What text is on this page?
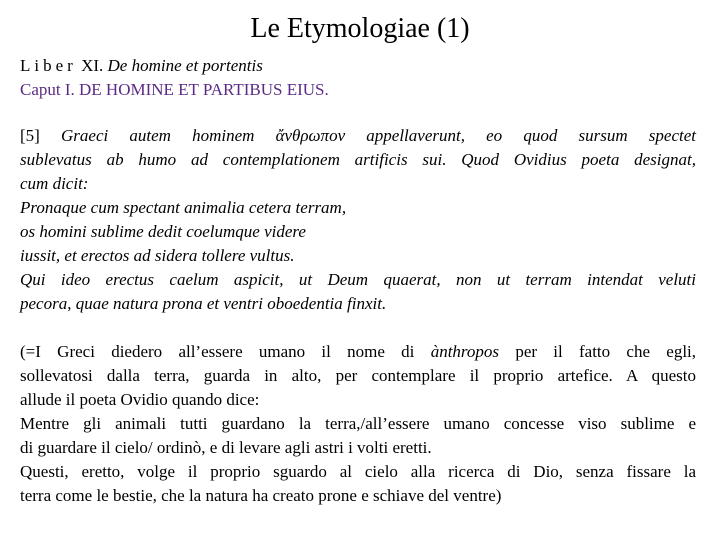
Le Etymologiae (1)
Liber XI. De homine et portentis
Caput I. DE HOMINE ET PARTIBUS EIUS.
[5] Graeci autem hominem ἄνθρωπον appellaverunt, eo quod sursum spectet
sublevatus ab humo ad contemplationem artificis sui. Quod Ovidius poeta designat,
cum dicit:
Pronaque cum spectant animalia cetera terram,
os homini sublime dedit coelumque videre
iussit, et erectos ad sidera tollere vultus.
Qui ideo erectus caelum aspicit, ut Deum quaerat, non ut terram intendat veluti
pecora, quae natura prona et ventri oboedentia finxit.
(=I Greci diedero all’essere umano il nome di ànthropos per il fatto che egli,
sollevatosi dalla terra, guarda in alto, per contemplare il proprio artefice. A questo
allude il poeta Ovidio quando dice:
Mentre gli animali tutti guardano la terra,/all’essere umano concesse viso sublime e
di guardare il cielo/ ordinò, e di levare agli astri i volti eretti.
Questi, eretto, volge il proprio sguardo al cielo alla ricerca di Dio, senza fissare la
terra come le bestie, che la natura ha creato prone e schiave del ventre)
